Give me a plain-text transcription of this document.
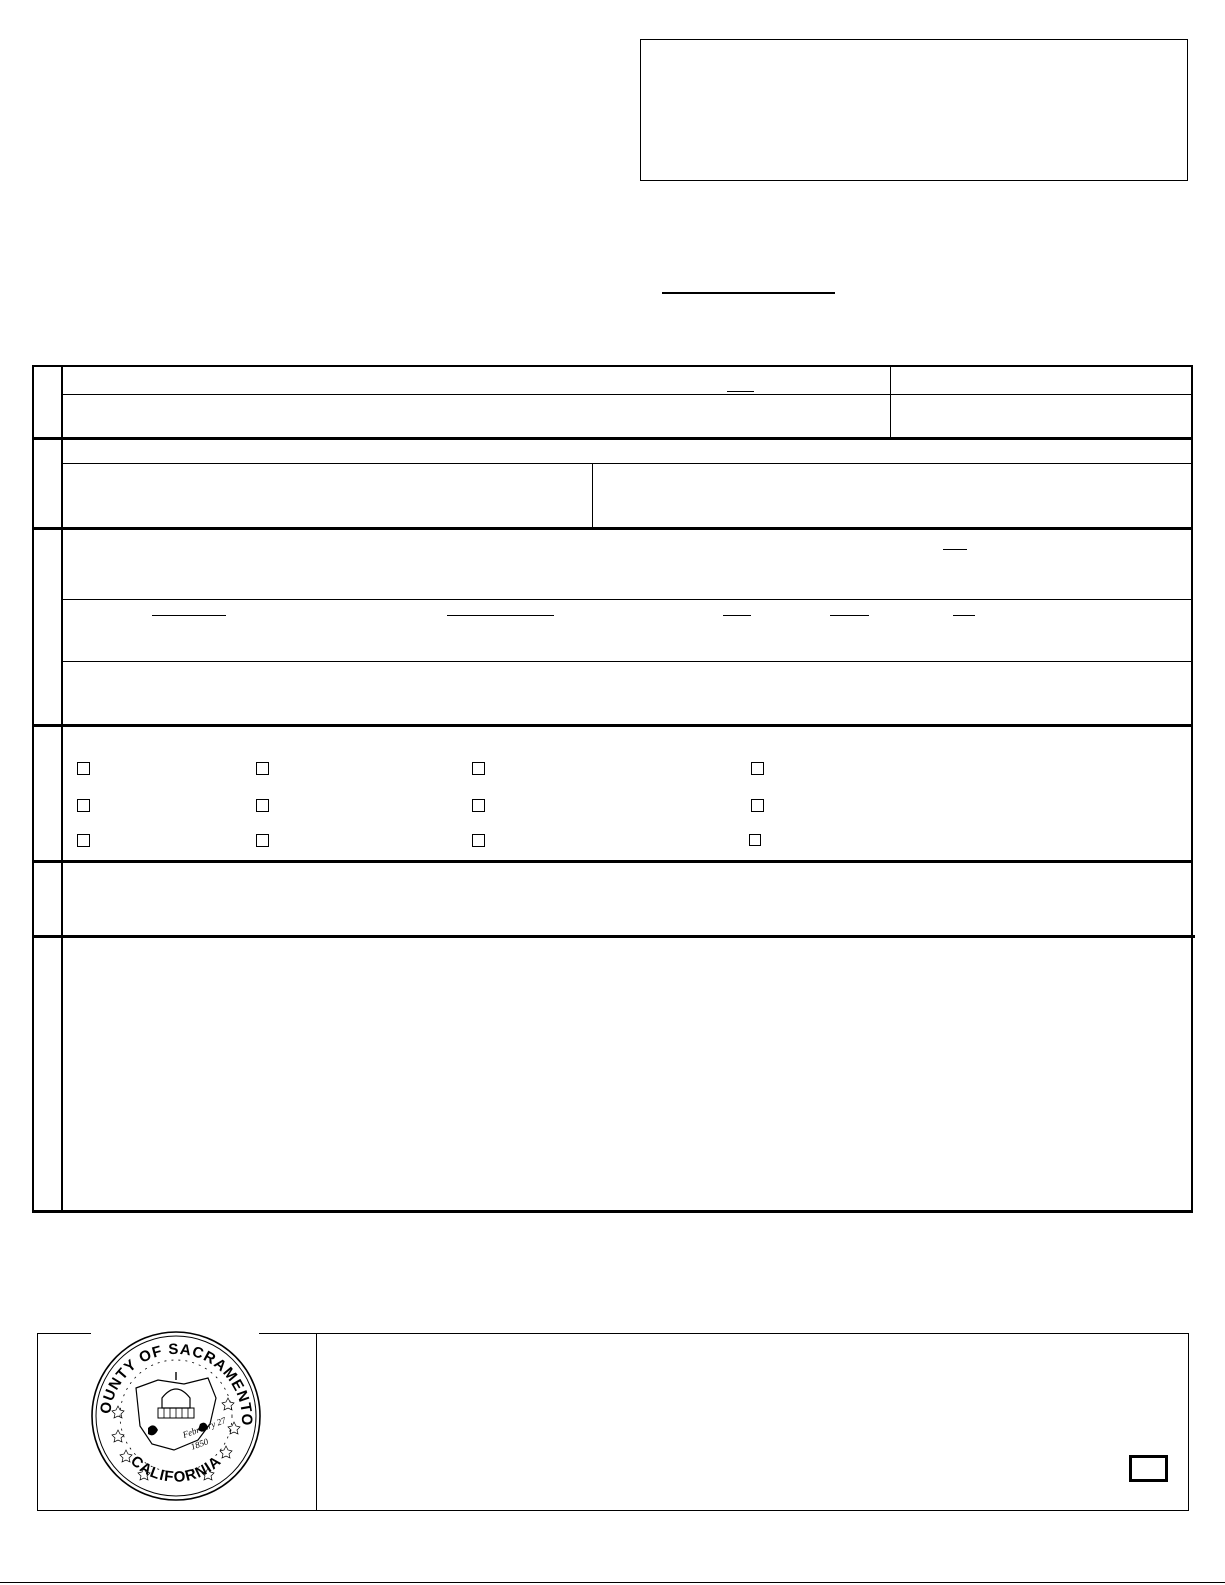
OUNTY OF SACRAMENTO
CALIFORNIA
February 27
1850
